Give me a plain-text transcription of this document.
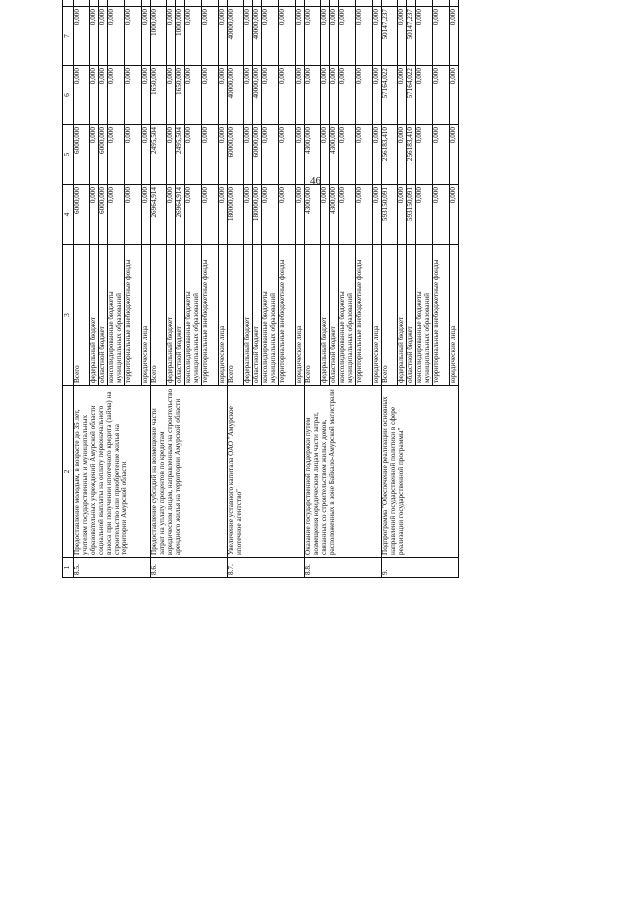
46
1	2	3	4	5	6	7				
8.5.	Предоставление молодым, в возрасте до 35 лет, учителям государственных и муниципальных образовательных учреждений Амурской области социальной выплаты на оплату первоначального взноса при получении ипотечного кредита (займа) на строительство или приобретение жилья на территории Амурской области	Всего	6000,000	6000,000	0,000	0,000				
		федеральный бюджет	0,000	0,000	0,000	0,000				
		областной бюджет	6000,000	6000,000	0,000	0,000				
		консолидированные бюджеты муниципальных образований	0,000	0,000	0,000	0,000				
		территориальные внебюджетные фонды	0,000	0,000	0,000	0,000				
		юридические лица	0,000	0,000	0,000	0,000				
8.6.	Предоставление субсидий на возмещение части затрат на уплату процентов по кредитам юридическим лицам, направленным на строительство арендного жилья на территории Амурской области	Всего	26964,914	2495,504	1650,000	1000,000				
		федеральный бюджет	0,000	0,000	0,000	0,000				
		областной бюджет	26964,914	2495,504	1650,000	1000,000				
		консолидированные бюджеты муниципальных образований	0,000	0,000	0,000	0,000				
		территориальные внебюджетные фонды	0,000	0,000	0,000	0,000				
		юридические лица	0,000	0,000	0,000	0,000				
8.7.	Увеличение уставного капитала ОАО "Амурское ипотечное агентство"	Всего	180000,000	60000,000	40000,000	40000,000				
		федеральный бюджет	0,000	0,000	0,000	0,000				
		областной бюджет	180000,000	60000,000	40000,000	40000,000				
		консолидированные бюджеты муниципальных образований	0,000	0,000	0,000	0,000				
		территориальные внебюджетные фонды	0,000	0,000	0,000	0,000				
		юридические лица	0,000	0,000	0,000	0,000				
8.8.	Оказание государственной поддержки путем возмещения юридическим лицам части затрат, связанных со строительством жилых домов, расположенных в зоне Байкало-Амурской магистрали	Всего	4300,000	4300,000	0,000	0,000				
		федеральный бюджет	0,000	0,000	0,000	0,000				
		областной бюджет	4300,000	4300,000	0,000	0,000				
		консолидированные бюджеты муниципальных образований	0,000	0,000	0,000	0,000				
		территориальные внебюджетные фонды	0,000	0,000	0,000	0,000				
		юридические лица	0,000	0,000	0,000	0,000				
9.	Подпрограмма "Обеспечение реализации основных направлений государственной политики в сфере реализации государственной программы"	Всего	593150,091	256183,410	57164,022	50147,237				
		федеральный бюджет	0,000	0,000	0,000	0,000				
		областной бюджет	593150,091	256183,410	57164,022	50147,237				
		консолидированные бюджеты муниципальных образований	0,000	0,000	0,000	0,000				
		территориальные внебюджетные фонды	0,000	0,000	0,000	0,000				
		юридические лица	0,000	0,000	0,000	0,000				
